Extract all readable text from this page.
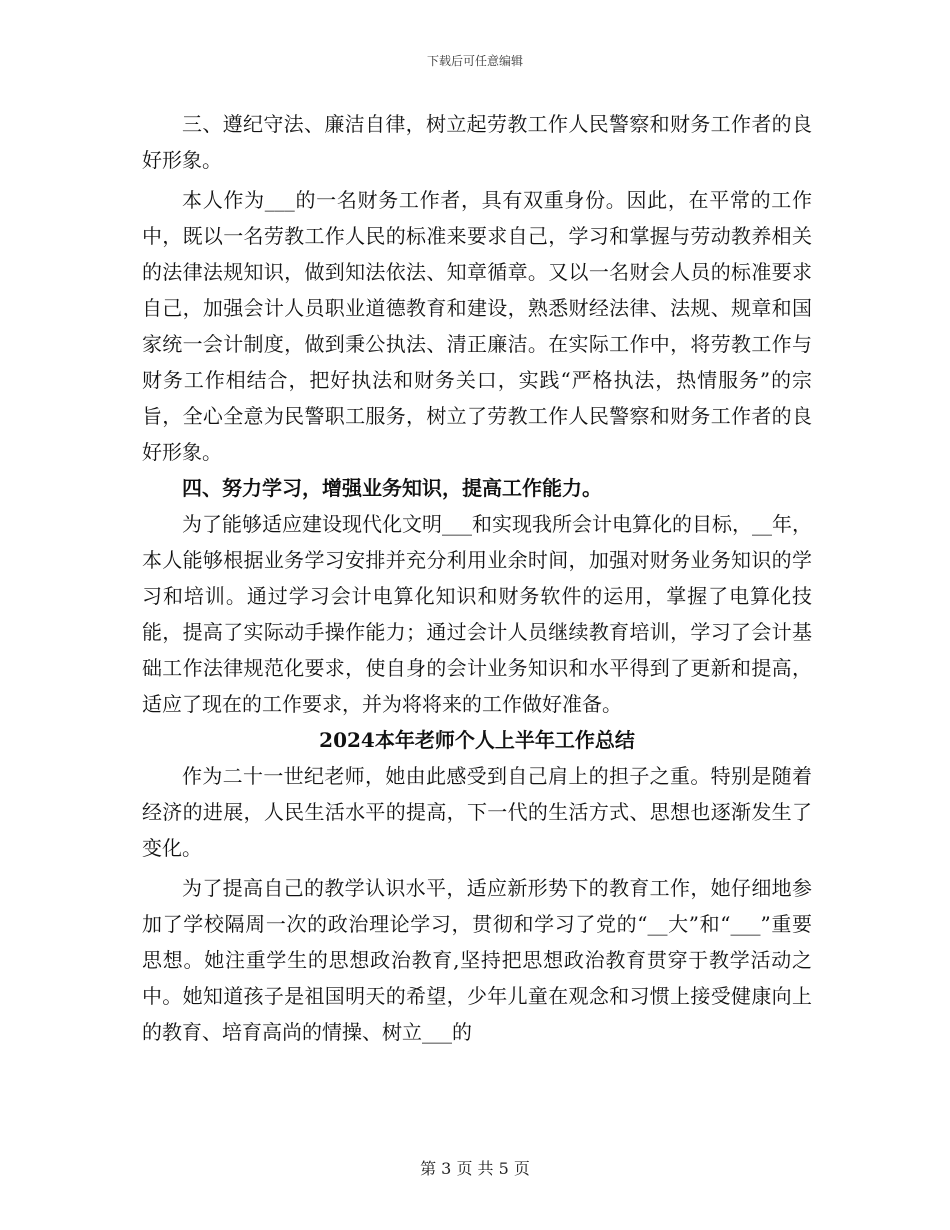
下载后可任意编辑

三、遵纪守法、廉洁自律，树立起劳教工作人民警察和财务工作者的良好形象。

本人作为___的一名财务工作者，具有双重身份。因此，在平常的工作中，既以一名劳教工作人民的标准来要求自己，学习和掌握与劳动教养相关的法律法规知识，做到知法依法、知章循章。又以一名财会人员的标准要求自己，加强会计人员职业道德教育和建设，熟悉财经法律、法规、规章和国家统一会计制度，做到秉公执法、清正廉洁。在实际工作中，将劳教工作与财务工作相结合，把好执法和财务关口，实践“严格执法，热情服务”的宗旨，全心全意为民警职工服务，树立了劳教工作人民警察和财务工作者的良好形象。

四、努力学习，增强业务知识，提高工作能力。

为了能够适应建设现代化文明___和实现我所会计电算化的目标，__年，本人能够根据业务学习安排并充分利用业余时间，加强对财务业务知识的学习和培训。通过学习会计电算化知识和财务软件的运用，掌握了电算化技能，提高了实际动手操作能力；通过会计人员继续教育培训，学习了会计基础工作法律规范化要求，使自身的会计业务知识和水平得到了更新和提高，适应了现在的工作要求，并为将将来的工作做好准备。

2024本年老师个人上半年工作总结

作为二十一世纪老师，她由此感受到自己肩上的担子之重。特别是随着经济的进展，人民生活水平的提高，下一代的生活方式、思想也逐渐发生了变化。

为了提高自己的教学认识水平，适应新形势下的教育工作，她仔细地参加了学校隔周一次的政治理论学习，贯彻和学习了党的“__大”和“___”重要思想。她注重学生的思想政治教育,坚持把思想政治教育贯穿于教学活动之中。她知道孩子是祖国明天的希望，少年儿童在观念和习惯上接受健康向上的教育、培育高尚的情操、树立___的

第 3 页 共 5 页
